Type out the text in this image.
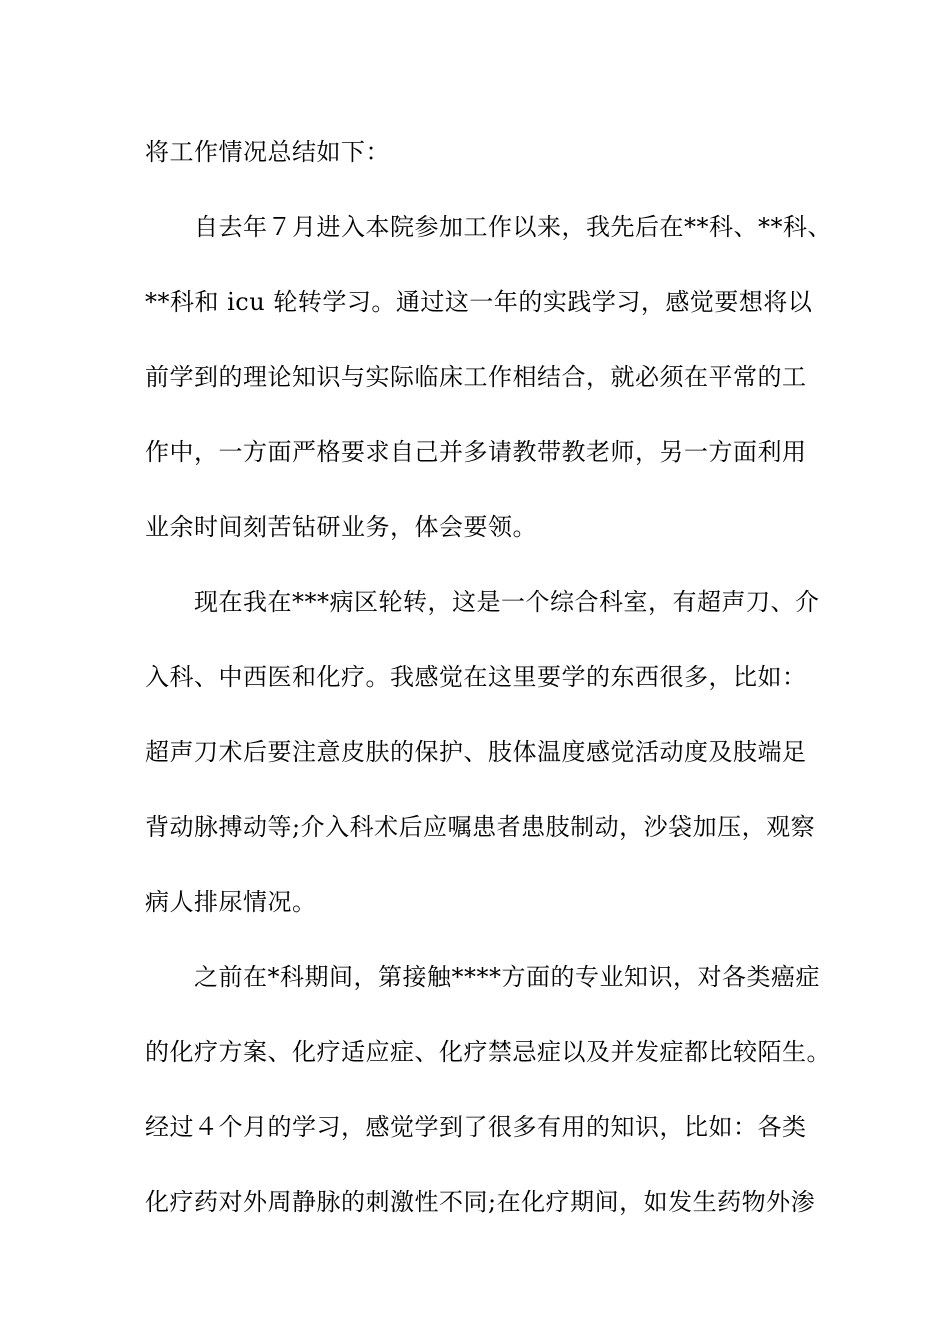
将工作情况总结如下：
　　自去年７月进入本院参加工作以来，我先后在**科、**科、
**科和 icu 轮转学习。通过这一年的实践学习，感觉要想将以
前学到的理论知识与实际临床工作相结合，就必须在平常的工
作中，一方面严格要求自己并多请教带教老师，另一方面利用
业余时间刻苦钻研业务，体会要领。
　　现在我在***病区轮转，这是一个综合科室，有超声刀、介
入科、中西医和化疗。我感觉在这里要学的东西很多，比如：
超声刀术后要注意皮肤的保护、肢体温度感觉活动度及肢端足
背动脉搏动等;介入科术后应嘱患者患肢制动，沙袋加压，观察
病人排尿情况。
　　之前在*科期间，第接触****方面的专业知识，对各类癌症
的化疗方案、化疗适应症、化疗禁忌症以及并发症都比较陌生。
经过４个月的学习，感觉学到了很多有用的知识，比如：各类
化疗药对外周静脉的刺激性不同;在化疗期间，如发生药物外渗
